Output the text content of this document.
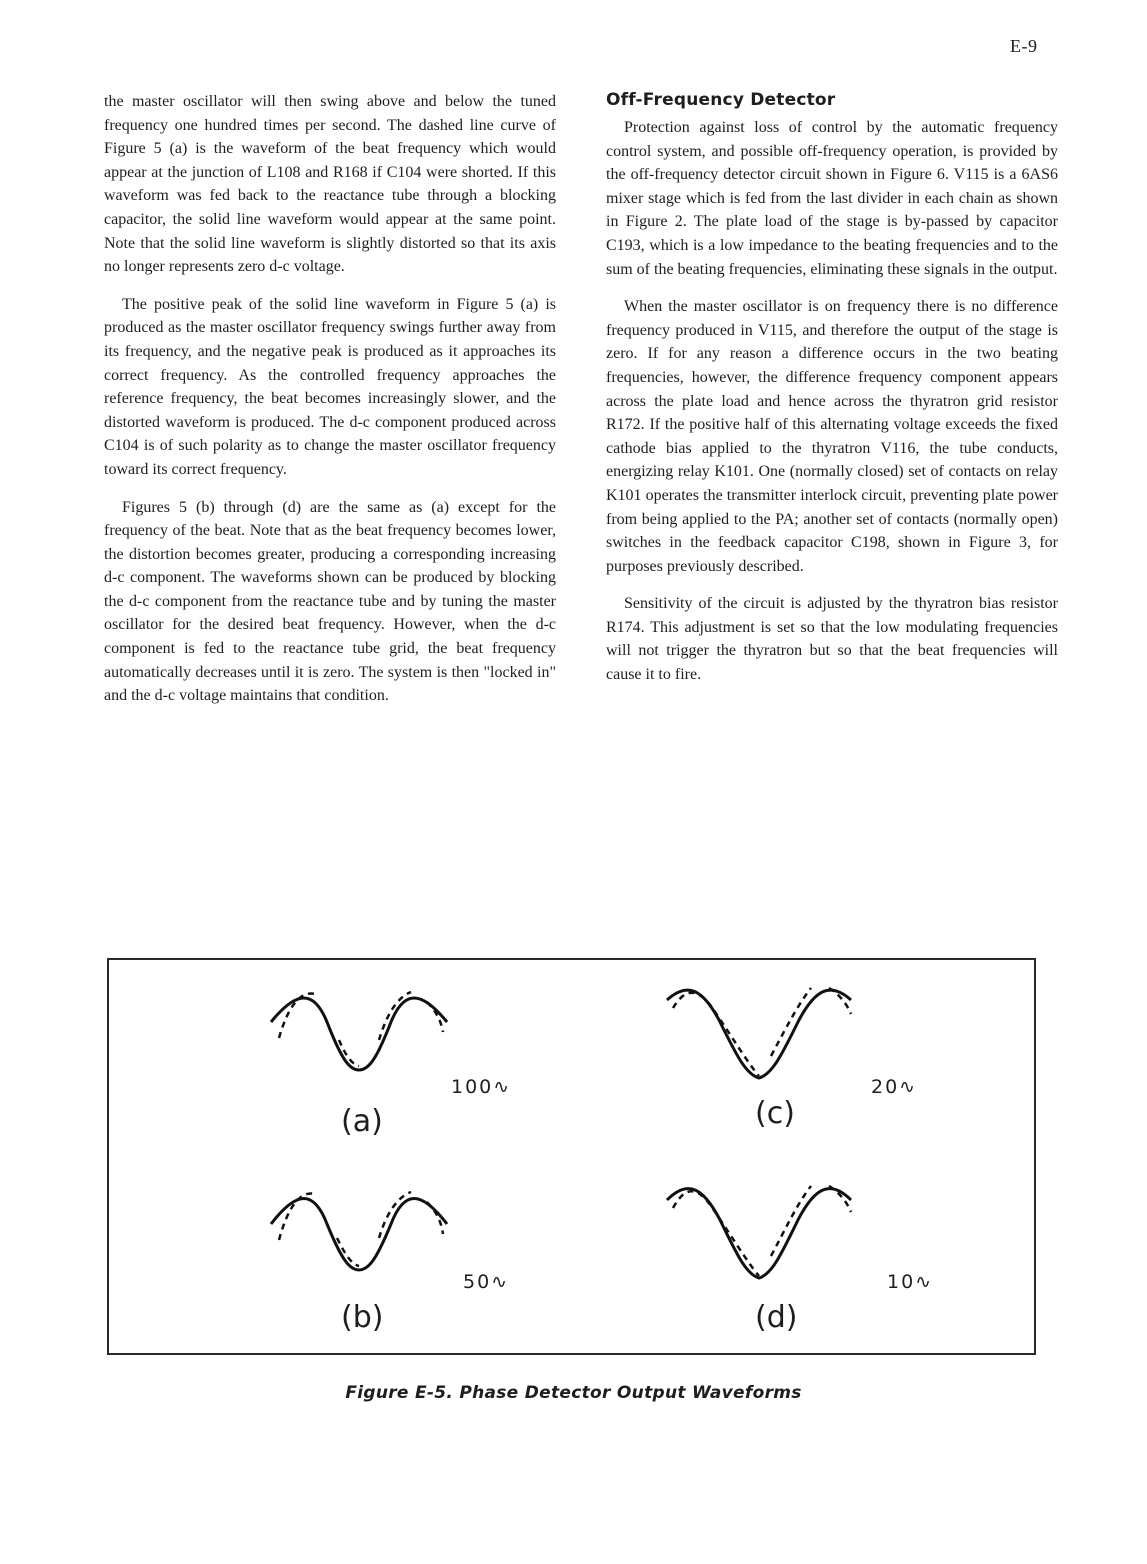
E-9

the master oscillator will then swing above and below the tuned frequency one hundred times per second. The dashed line curve of Figure 5 (a) is the waveform of the beat frequency which would appear at the junction of L108 and R168 if C104 were shorted. If this waveform was fed back to the reactance tube through a blocking capacitor, the solid line waveform would appear at the same point. Note that the solid line waveform is slightly distorted so that its axis no longer represents zero d-c voltage.

The positive peak of the solid line waveform in Figure 5 (a) is produced as the master oscillator frequency swings further away from its frequency, and the negative peak is produced as it approaches its correct frequency. As the controlled frequency approaches the reference frequency, the beat becomes increasingly slower, and the distorted waveform is produced. The d-c component produced across C104 is of such polarity as to change the master oscillator frequency toward its correct frequency.

Figures 5 (b) through (d) are the same as (a) except for the frequency of the beat. Note that as the beat frequency becomes lower, the distortion becomes greater, producing a corresponding increasing d-c component. The waveforms shown can be produced by blocking the d-c component from the reactance tube and by tuning the master oscillator for the desired beat frequency. However, when the d-c component is fed to the reactance tube grid, the beat frequency automatically decreases until it is zero. The system is then "locked in" and the d-c voltage maintains that condition.

Off-Frequency Detector

Protection against loss of control by the automatic frequency control system, and possible off-frequency operation, is provided by the off-frequency detector circuit shown in Figure 6. V115 is a 6AS6 mixer stage which is fed from the last divider in each chain as shown in Figure 2. The plate load of the stage is by-passed by capacitor C193, which is a low impedance to the beating frequencies and to the sum of the beating frequencies, eliminating these signals in the output.

When the master oscillator is on frequency there is no difference frequency produced in V115, and therefore the output of the stage is zero. If for any reason a difference occurs in the two beating frequencies, however, the difference frequency component appears across the plate load and hence across the thyratron grid resistor R172. If the positive half of this alternating voltage exceeds the fixed cathode bias applied to the thyratron V116, the tube conducts, energizing relay K101. One (normally closed) set of contacts on relay K101 operates the transmitter interlock circuit, preventing plate power from being applied to the PA; another set of contacts (normally open) switches in the feedback capacitor C198, shown in Figure 3, for purposes previously described.

Sensitivity of the circuit is adjusted by the thyratron bias resistor R174. This adjustment is set so that the low modulating frequencies will not trigger the thyratron but so that the beat frequencies will cause it to fire.

(a)
100∿
(b)
50∿
(c)
20∿
(d)
10∿
Figure E-5. Phase Detector Output Waveforms
